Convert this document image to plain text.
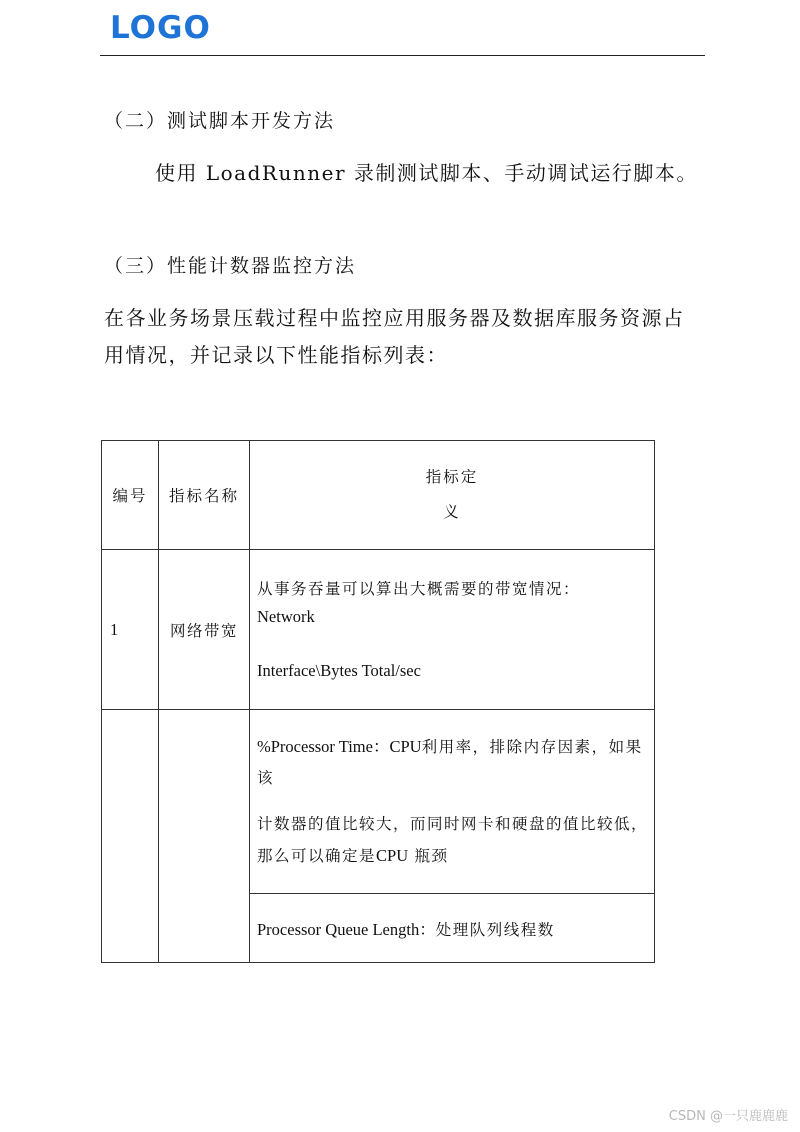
LOGO
（二）测试脚本开发方法
使用 LoadRunner 录制测试脚本、手动调试运行脚本。
（三）性能计数器监控方法
在各业务场景压载过程中监控应用服务器及数据库服务资源占用情况，并记录以下性能指标列表：
编号	指标名称	指标定
义

1	网络带宽	从事务吞量可以算出大概需要的带宽情况：
Network
Interface\Bytes Total/sec

		%Processor Time：CPU利用率，排除内存因素，如果该
计数器的值比较大，而同时网卡和硬盘的值比较低，那么可以确定是CPU 瓶颈

		Processor Queue Length：处理队列线程数
CSDN @一只鹿鹿鹿
